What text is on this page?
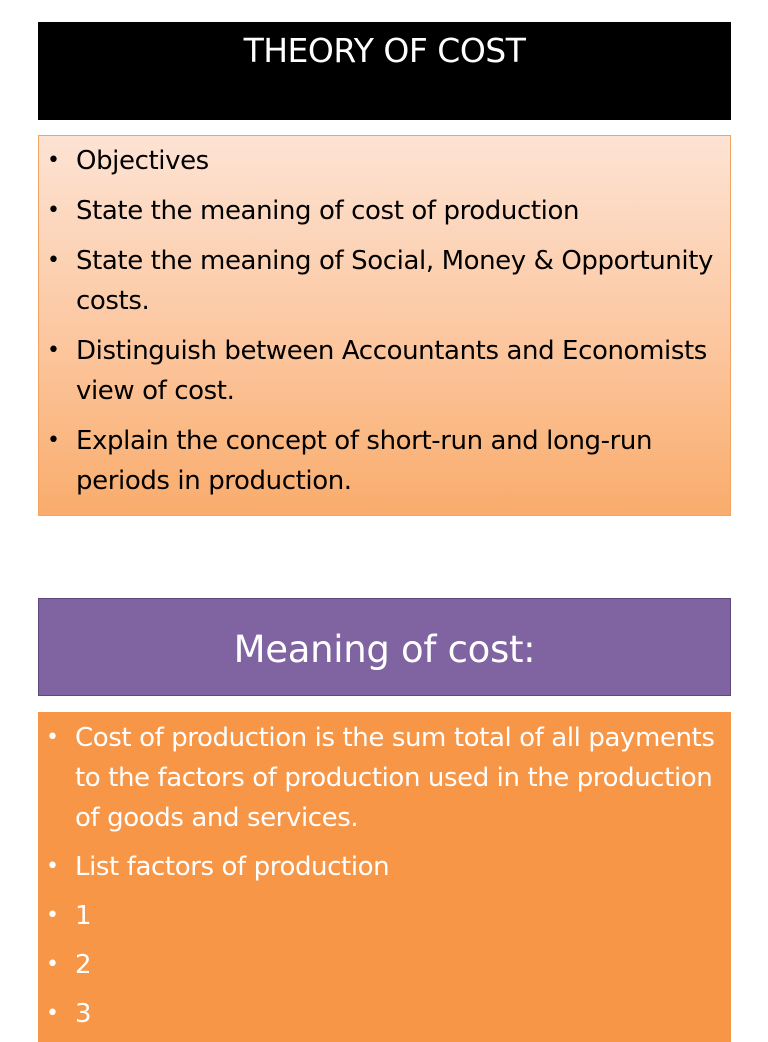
THEORY OF COST
• Objectives
• State the meaning of cost of production
• State the meaning of Social, Money & Opportunity costs.
• Distinguish between Accountants and Economists view of cost.
• Explain the concept of short-run and long-run periods in production.
Meaning of cost:
• Cost of production is the sum total of all payments to the factors of production used in the production of goods and services.
• List factors of production
• 1
• 2
• 3
